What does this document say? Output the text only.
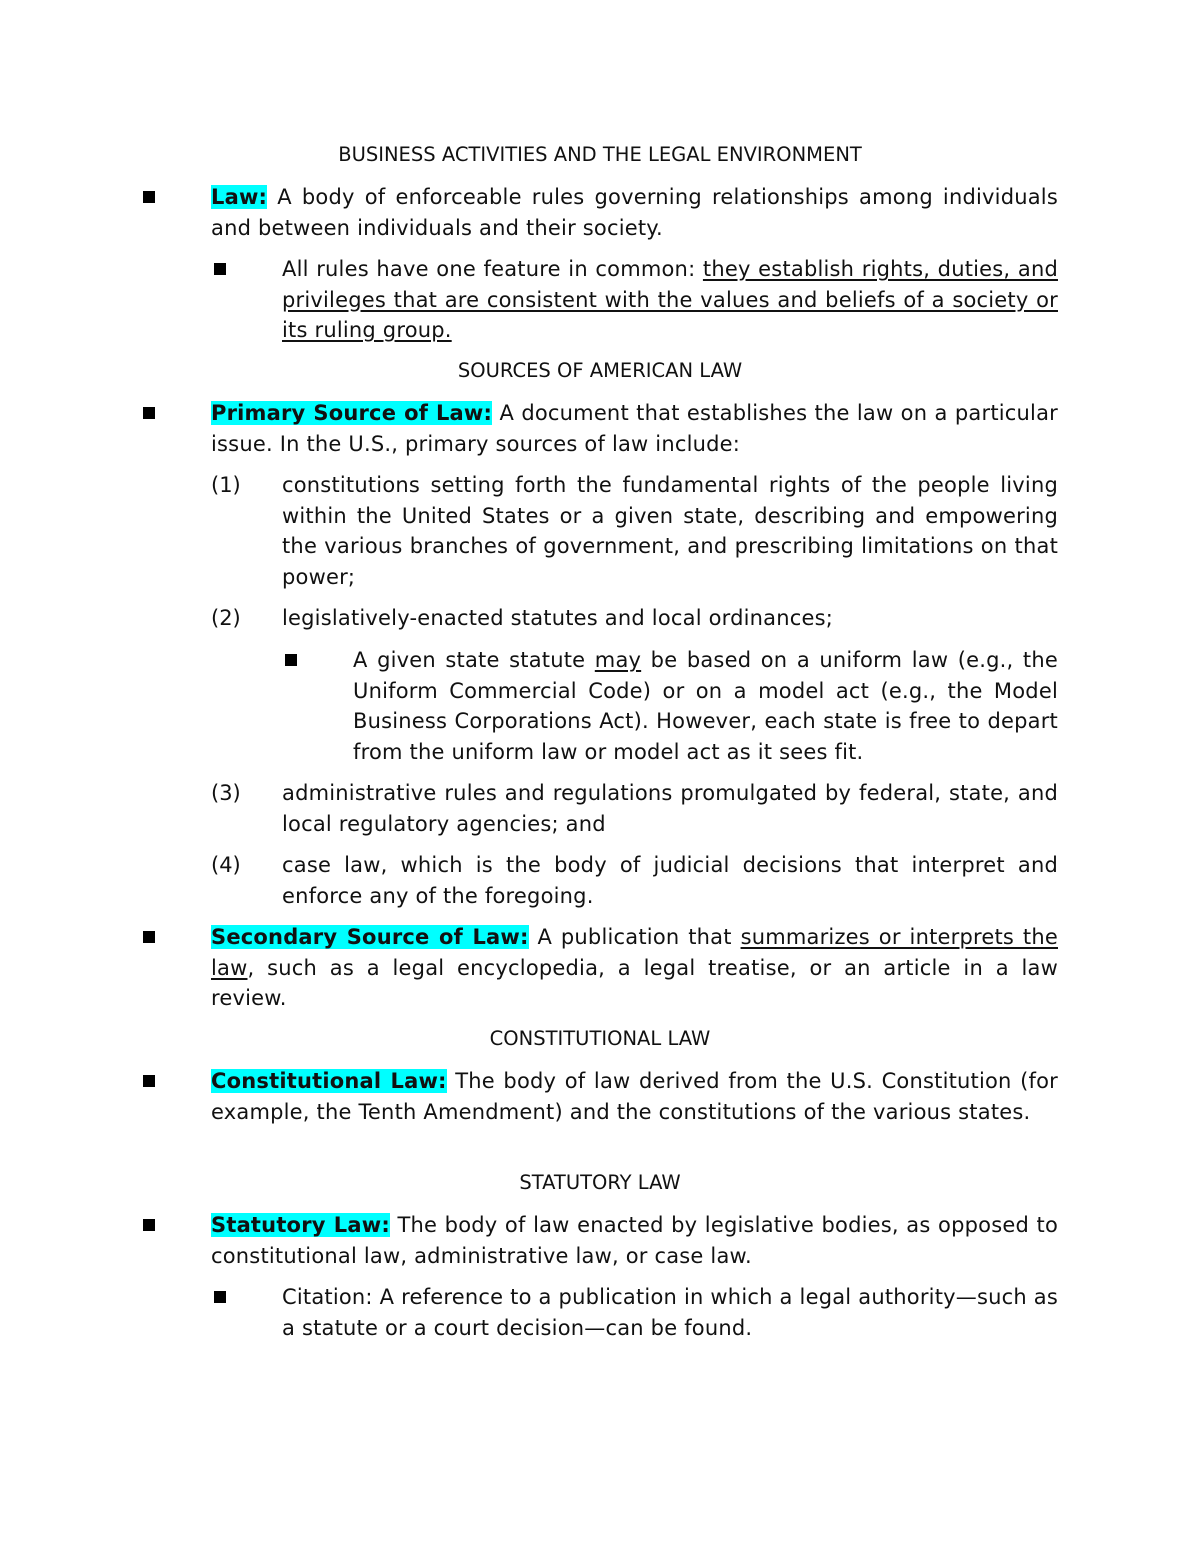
BUSINESS ACTIVITIES AND THE LEGAL ENVIRONMENT
Law: A body of enforceable rules governing relationships among individuals and between individuals and their society.
All rules have one feature in common: they establish rights, duties, and privileges that are consistent with the values and beliefs of a society or its ruling group.
SOURCES OF AMERICAN LAW
Primary Source of Law: A document that establishes the law on a particular issue. In the U.S., primary sources of law include:
(1) constitutions setting forth the fundamental rights of the people living within the United States or a given state, describing and empowering the various branches of government, and prescribing limitations on that power;
(2) legislatively-enacted statutes and local ordinances;
A given state statute may be based on a uniform law (e.g., the Uniform Commercial Code) or on a model act (e.g., the Model Business Corporations Act). However, each state is free to depart from the uniform law or model act as it sees fit.
(3) administrative rules and regulations promulgated by federal, state, and local regulatory agencies; and
(4) case law, which is the body of judicial decisions that interpret and enforce any of the foregoing.
Secondary Source of Law: A publication that summarizes or interprets the law, such as a legal encyclopedia, a legal treatise, or an article in a law review.
CONSTITUTIONAL LAW
Constitutional Law: The body of law derived from the U.S. Constitution (for example, the Tenth Amendment) and the constitutions of the various states.
STATUTORY LAW
Statutory Law: The body of law enacted by legislative bodies, as opposed to constitutional law, administrative law, or case law.
Citation: A reference to a publication in which a legal authority—such as a statute or a court decision—can be found.
